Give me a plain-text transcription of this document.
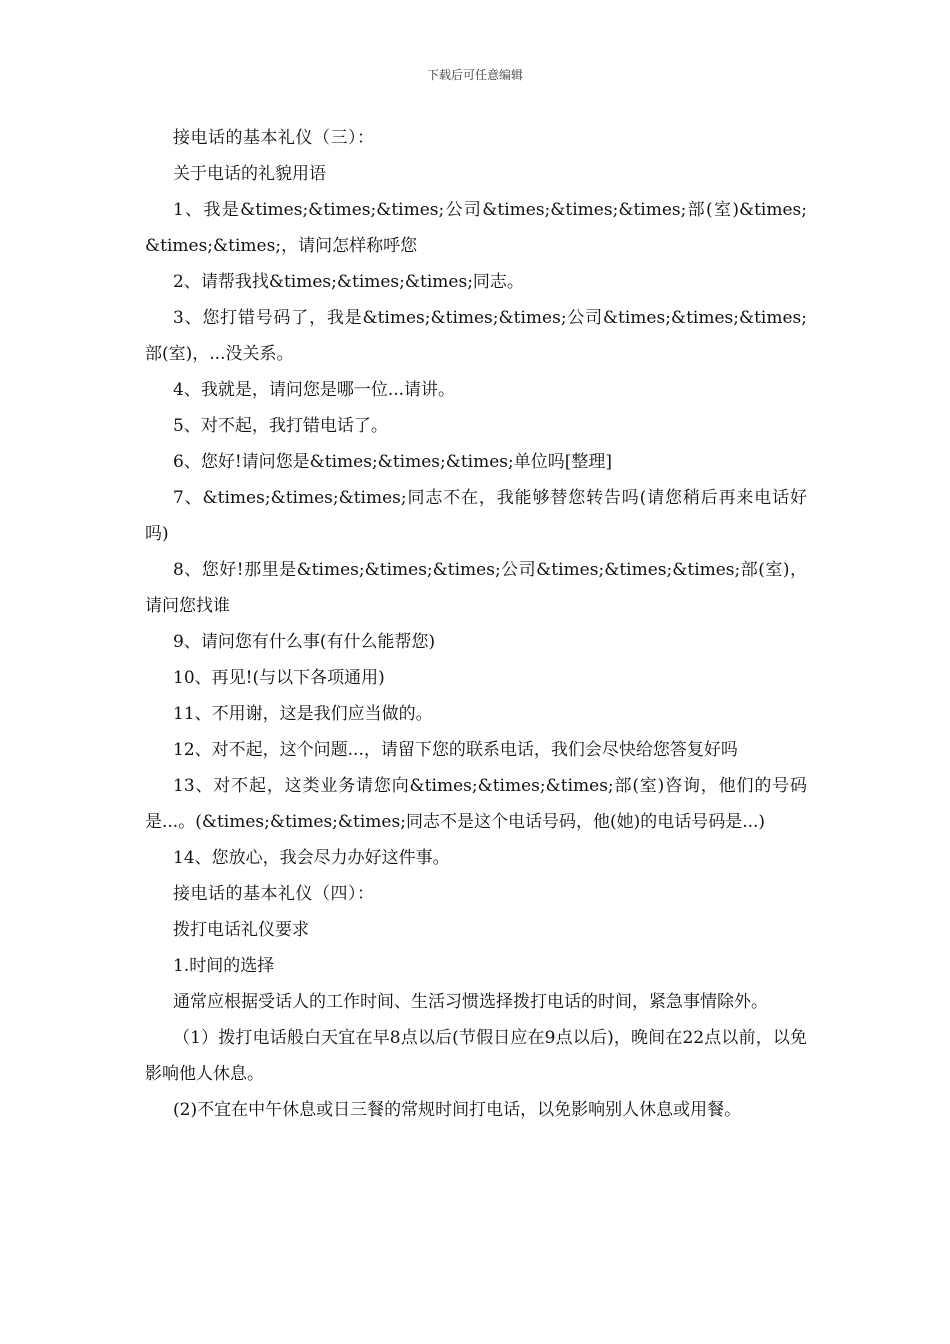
下载后可任意编辑

接电话的基本礼仪（三）：

关于电话的礼貌用语

1、我是&times;&times;&times;公司&times;&times;&times;部(室)&times;&times;&times;，请问怎样称呼您

2、请帮我找&times;&times;&times;同志。

3、您打错号码了，我是&times;&times;&times;公司&times;&times;&times;部(室)，...没关系。

4、我就是，请问您是哪一位...请讲。

5、对不起，我打错电话了。

6、您好!请问您是&times;&times;&times;单位吗[整理]

7、&times;&times;&times;同志不在，我能够替您转告吗(请您稍后再来电话好吗)

8、您好!那里是&times;&times;&times;公司&times;&times;&times;部(室)，请问您找谁

9、请问您有什么事(有什么能帮您)

10、再见!(与以下各项通用)

11、不用谢，这是我们应当做的。

12、对不起，这个问题...，请留下您的联系电话，我们会尽快给您答复好吗

13、对不起，这类业务请您向&times;&times;&times;部(室)咨询，他们的号码是...。(&times;&times;&times;同志不是这个电话号码，他(她)的电话号码是...)

14、您放心，我会尽力办好这件事。

接电话的基本礼仪（四）：

拨打电话礼仪要求

1.时间的选择

通常应根据受话人的工作时间、生活习惯选择拨打电话的时间，紧急事情除外。

（1）拨打电话般白天宜在早8点以后(节假日应在9点以后)，晚间在22点以前，以免影响他人休息。

(2)不宜在中午休息或日三餐的常规时间打电话，以免影响别人休息或用餐。
